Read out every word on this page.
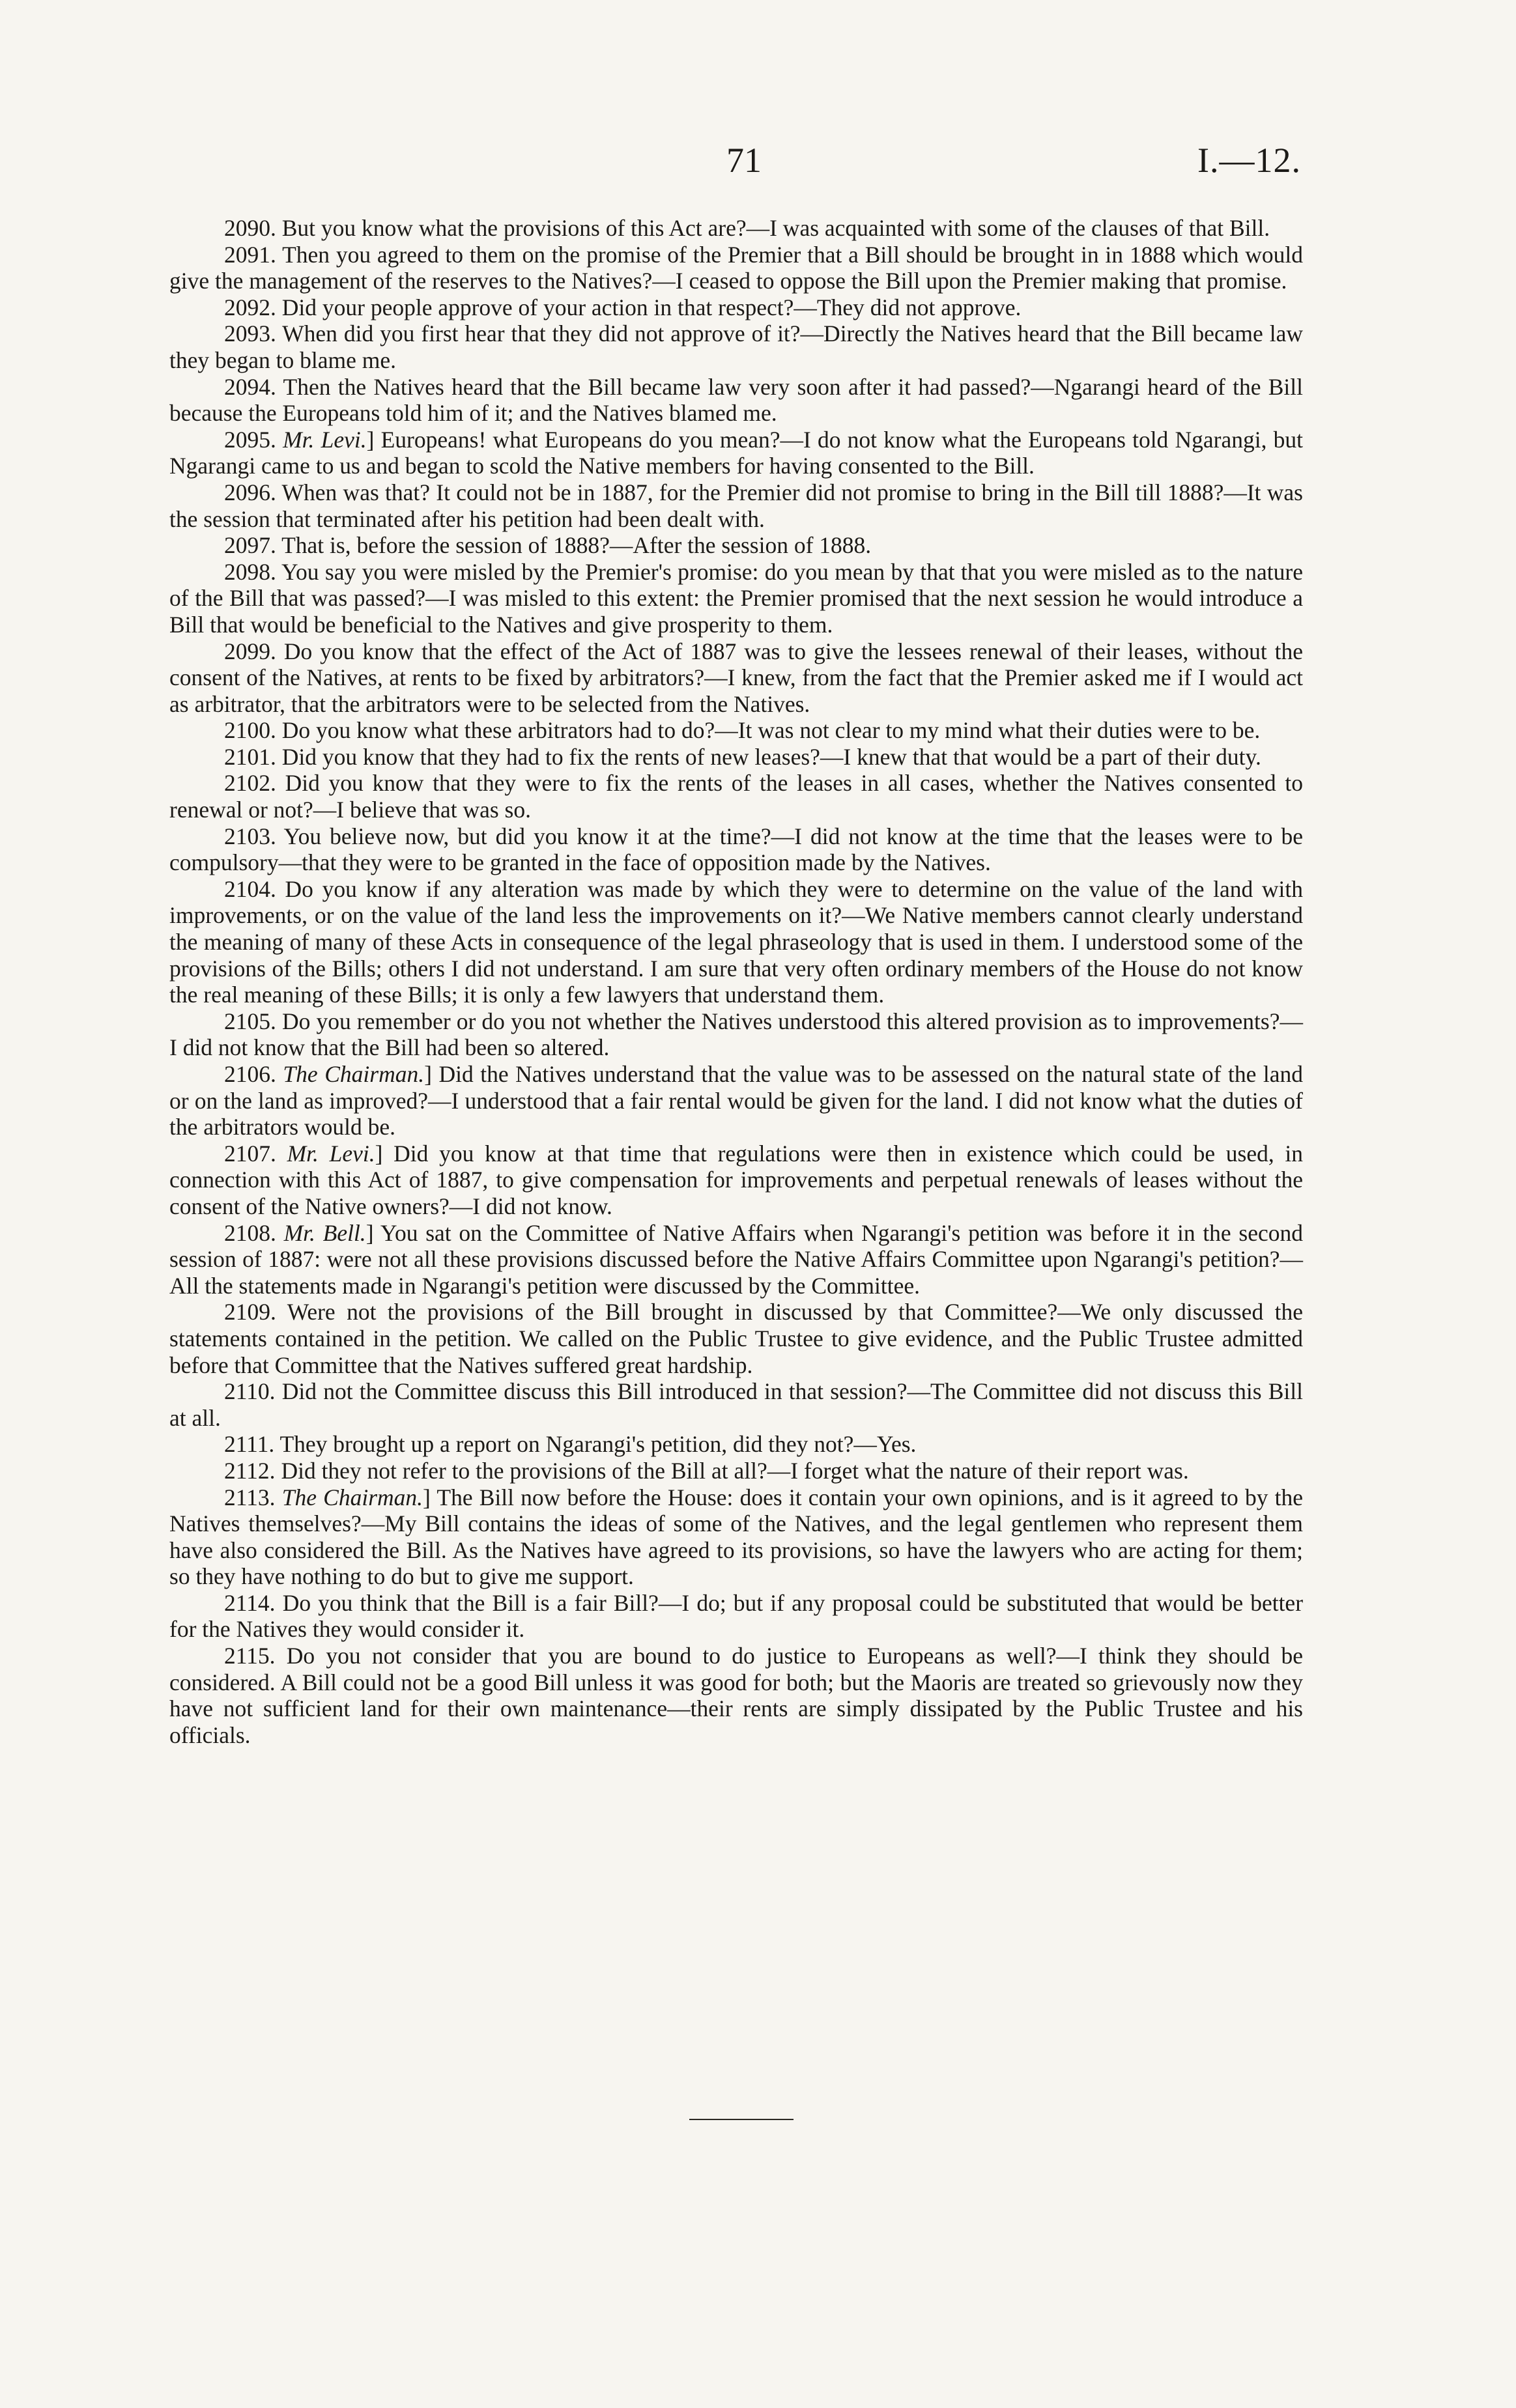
71	I.—12.

2090. But you know what the provisions of this Act are?—I was acquainted with some of the clauses of that Bill.

2091. Then you agreed to them on the promise of the Premier that a Bill should be brought in in 1888 which would give the management of the reserves to the Natives?—I ceased to oppose the Bill upon the Premier making that promise.

2092. Did your people approve of your action in that respect?—They did not approve.

2093. When did you first hear that they did not approve of it?—Directly the Natives heard that the Bill became law they began to blame me.

2094. Then the Natives heard that the Bill became law very soon after it had passed?—Ngarangi heard of the Bill because the Europeans told him of it; and the Natives blamed me.

2095. Mr. Levi.] Europeans! what Europeans do you mean?—I do not know what the Europeans told Ngarangi, but Ngarangi came to us and began to scold the Native members for having consented to the Bill.

2096. When was that? It could not be in 1887, for the Premier did not promise to bring in the Bill till 1888?—It was the session that terminated after his petition had been dealt with.

2097. That is, before the session of 1888?—After the session of 1888.

2098. You say you were misled by the Premier's promise: do you mean by that that you were misled as to the nature of the Bill that was passed?—I was misled to this extent: the Premier promised that the next session he would introduce a Bill that would be beneficial to the Natives and give prosperity to them.

2099. Do you know that the effect of the Act of 1887 was to give the lessees renewal of their leases, without the consent of the Natives, at rents to be fixed by arbitrators?—I knew, from the fact that the Premier asked me if I would act as arbitrator, that the arbitrators were to be selected from the Natives.

2100. Do you know what these arbitrators had to do?—It was not clear to my mind what their duties were to be.

2101. Did you know that they had to fix the rents of new leases?—I knew that that would be a part of their duty.

2102. Did you know that they were to fix the rents of the leases in all cases, whether the Natives consented to renewal or not?—I believe that was so.

2103. You believe now, but did you know it at the time?—I did not know at the time that the leases were to be compulsory—that they were to be granted in the face of opposition made by the Natives.

2104. Do you know if any alteration was made by which they were to determine on the value of the land with improvements, or on the value of the land less the improvements on it?—We Native members cannot clearly understand the meaning of many of these Acts in consequence of the legal phraseology that is used in them. I understood some of the provisions of the Bills; others I did not understand. I am sure that very often ordinary members of the House do not know the real meaning of these Bills; it is only a few lawyers that understand them.

2105. Do you remember or do you not whether the Natives understood this altered provision as to improvements?—I did not know that the Bill had been so altered.

2106. The Chairman.] Did the Natives understand that the value was to be assessed on the natural state of the land or on the land as improved?—I understood that a fair rental would be given for the land. I did not know what the duties of the arbitrators would be.

2107. Mr. Levi.] Did you know at that time that regulations were then in existence which could be used, in connection with this Act of 1887, to give compensation for improvements and perpetual renewals of leases without the consent of the Native owners?—I did not know.

2108. Mr. Bell.] You sat on the Committee of Native Affairs when Ngarangi's petition was before it in the second session of 1887: were not all these provisions discussed before the Native Affairs Committee upon Ngarangi's petition?—All the statements made in Ngarangi's petition were discussed by the Committee.

2109. Were not the provisions of the Bill brought in discussed by that Committee?—We only discussed the statements contained in the petition. We called on the Public Trustee to give evidence, and the Public Trustee admitted before that Committee that the Natives suffered great hardship.

2110. Did not the Committee discuss this Bill introduced in that session?—The Committee did not discuss this Bill at all.

2111. They brought up a report on Ngarangi's petition, did they not?—Yes.

2112. Did they not refer to the provisions of the Bill at all?—I forget what the nature of their report was.

2113. The Chairman.] The Bill now before the House: does it contain your own opinions, and is it agreed to by the Natives themselves?—My Bill contains the ideas of some of the Natives, and the legal gentlemen who represent them have also considered the Bill. As the Natives have agreed to its provisions, so have the lawyers who are acting for them; so they have nothing to do but to give me support.

2114. Do you think that the Bill is a fair Bill?—I do; but if any proposal could be substituted that would be better for the Natives they would consider it.

2115. Do you not consider that you are bound to do justice to Europeans as well?—I think they should be considered. A Bill could not be a good Bill unless it was good for both; but the Maoris are treated so grievously now they have not sufficient land for their own maintenance—their rents are simply dissipated by the Public Trustee and his officials.
